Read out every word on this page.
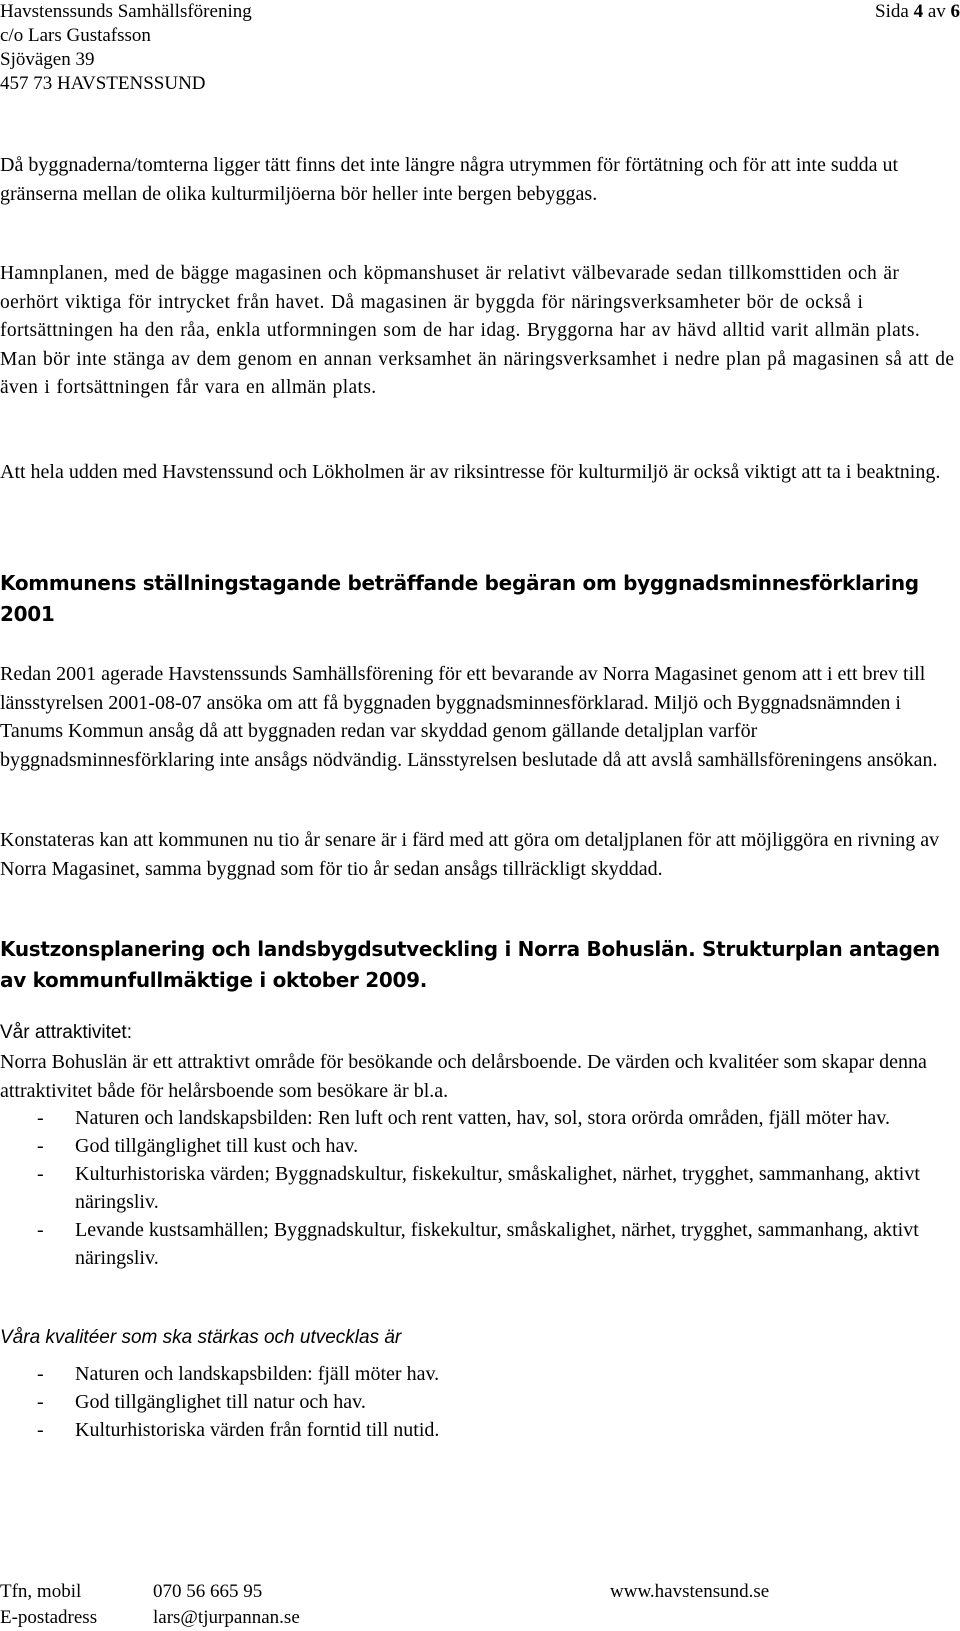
Havstenssunds Samhällsförening
c/o Lars Gustafsson
Sjövägen 39
457 73 HAVSTENSSUND
Sida 4 av 6

Då byggnaderna/tomterna ligger tätt finns det inte längre några utrymmen för förtätning och för att inte sudda ut gränserna mellan de olika kulturmiljöerna bör heller inte bergen bebyggas.

Hamnplanen, med de bägge magasinen och köpmanshuset är relativt välbevarade sedan tillkomsttiden och är oerhört viktiga för intrycket från havet. Då magasinen är byggda för näringsverksamheter bör de också i fortsättningen ha den råa, enkla utformningen som de har idag. Bryggorna har av hävd alltid varit allmän plats. Man bör inte stänga av dem genom en annan verksamhet än näringsverksamhet i nedre plan på magasinen så att de även i fortsättningen får vara en allmän plats.

Att hela udden med Havstenssund och Lökholmen är av riksintresse för kulturmiljö är också viktigt att ta i beaktning.

Kommunens ställningstagande beträffande begäran om byggnadsminnesförklaring 2001

Redan 2001 agerade Havstenssunds Samhällsförening för ett bevarande av Norra Magasinet genom att i ett brev till länsstyrelsen 2001-08-07 ansöka om att få byggnaden byggnadsminnesförklarad. Miljö och Byggnadsnämnden i Tanums Kommun ansåg då att byggnaden redan var skyddad genom gällande detaljplan varför byggnadsminnesförklaring inte ansågs nödvändig. Länsstyrelsen beslutade då att avslå samhällsföreningens ansökan.

Konstateras kan att kommunen nu tio år senare är i färd med att göra om detaljplanen för att möjliggöra en rivning av Norra Magasinet, samma byggnad som för tio år sedan ansågs tillräckligt skyddad.

Kustzonsplanering och landsbygdsutveckling i Norra Bohuslän. Strukturplan antagen av kommunfullmäktige i oktober 2009.

Vår attraktivitet:

Norra Bohuslän är ett attraktivt område för besökande och delårsboende. De värden och kvalitéer som skapar denna attraktivitet både för helårsboende som besökare är bl.a.

- Naturen och landskapsbilden: Ren luft och rent vatten, hav, sol, stora orörda områden, fjäll möter hav.
- God tillgänglighet till kust och hav.
- Kulturhistoriska värden; Byggnadskultur, fiskekultur, småskalighet, närhet, trygghet, sammanhang, aktivt näringsliv.
- Levande kustsamhällen; Byggnadskultur, fiskekultur, småskalighet, närhet, trygghet, sammanhang, aktivt näringsliv.

Våra kvalitéer som ska stärkas och utvecklas är

- Naturen och landskapsbilden: fjäll möter hav.
- God tillgänglighet till natur och hav.
- Kulturhistoriska värden från forntid till nutid.
Tfn, mobil	070 56 665 95	www.havstensund.se
E-postadress	lars@tjurpannan.se
